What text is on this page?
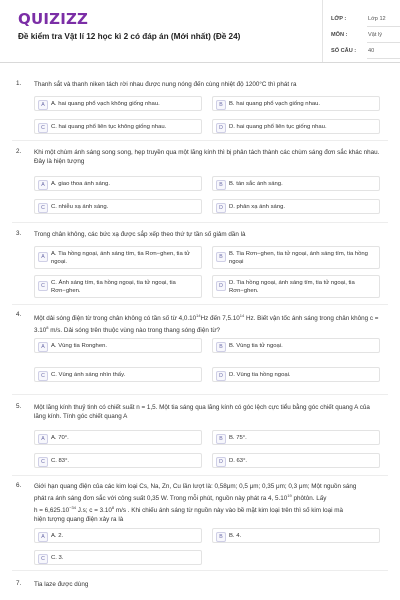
QUIZIZZ
Đề kiểm tra Vật lí 12 học kì 2 có đáp án (Mới nhất) (Đề 24)
LỚP :	Lớp 12
MÔN :	Vật lý
SỐ CÂU : 40
1. Thanh sắt và thanh niken tách rời nhau được nung nóng đến cùng nhiệt độ 1200°C thì phát ra
A	A. hai quang phổ vạch không giống nhau.	B	B. hai quang phổ vạch giống nhau.
C	C. hai quang phổ liên tục không giống nhau.	D	D. hai quang phổ liên tục giống nhau.
2. Khi một chùm ánh sáng song song, hẹp truyền qua một lăng kính thì bị phân tách thành các chùm sáng đơn sắc khác nhau. Đây là hiện tượng
A	A. giao thoa ánh sáng.	B	B. tán sắc ánh sáng.
C	C. nhiễu xạ ánh sáng.	D	D. phản xạ ánh sáng.
3. Trong chân không, các bức xạ được sắp xếp theo thứ tự tần số giảm dần là
A	A. Tia hồng ngoại, ánh sáng tím, tia Rơn−ghen, tia tử ngoại.
B	B. Tia Rơn−ghen, tia tử ngoại, ánh sáng tím, tia hồng ngoại
C	C. Ánh sáng tím, tia hồng ngoại, tia tử ngoại, tia Rơn−ghen.
D	D. Tia hồng ngoại, ánh sáng tím, tia tử ngoại, tia Rơn−ghen.
4.
Một dải sóng điện từ trong chân không có tần số từ 4,0.10$^{14}$Hz đến 7,5.10$^{14}$ Hz. Biết vận tốc ánh sáng trong chân không $c = 3.10^8$ m/s. Dải sóng trên thuộc vùng nào trong thang sóng điện từ?
A	A. Vùng tia Ronghen.	B	B. Vùng tia tử ngoại.
C	C. Vùng ánh sáng nhìn thấy.	D	D. Vùng tia hồng ngoại.
5. Một lăng kính thuỷ tinh có chiết suất n = 1,5. Một tia sáng qua lăng kính có góc lệch cực tiểu bằng góc chiết quang A của lăng kính. Tính góc chiết quang A
A	A. 70°.	B	B. 75°.
C	C. 83°.	D	D. 63°.
6. Giới hạn quang điện của các kim loại Cs, Na, Zn, Cu lần lượt là: 0,58μm; 0,5 μm; 0,35 μm; 0,3 μm; Một nguồn sáng
phát ra ánh sáng đơn sắc với công suất 0,35 W. Trong mỗi phút, nguồn này phát ra 4, 5.10$^{19}$ phôtôn. Lấy
$h = 6,625.10^{-34}$ J.s; $c = 3.10^8$ m/s . Khi chiếu ánh sáng từ nguồn này vào bề mặt kim loại trên thì số kim loại mà
hiện tượng quang điện xảy ra là
A	A. 2.	B	B. 4.
C	C. 3.
7. Tia laze được dùng
